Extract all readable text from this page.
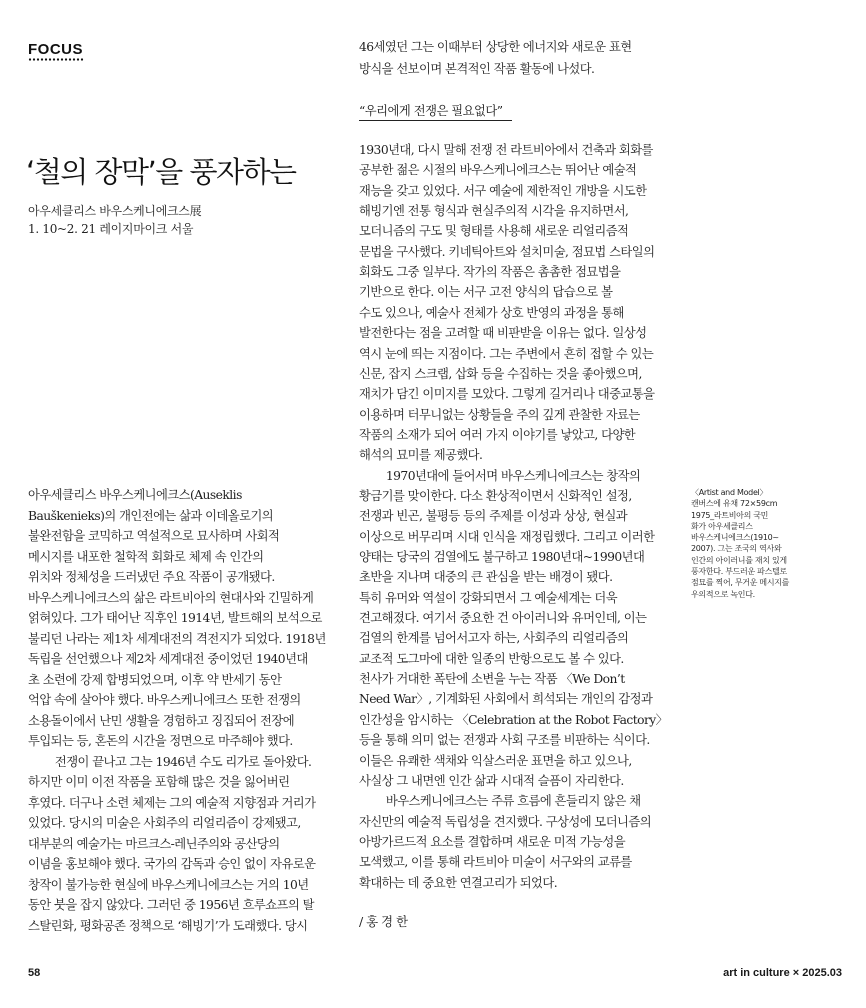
FOCUS
‘철의 장막’을 풍자하는
아우세클리스 바우스케니에크스展
1. 10~2. 21 레이지마이크 서울
아우세클리스 바우스케니에크스(Auseklis
Bauškenieks)의 개인전에는 삶과 이데올로기의
불완전함을 코믹하고 역설적으로 묘사하며 사회적
메시지를 내포한 철학적 회화로 체제 속 인간의
위치와 정체성을 드러냈던 주요 작품이 공개됐다.
바우스케니에크스의 삶은 라트비아의 현대사와 긴밀하게
얽혀있다. 그가 태어난 직후인 1914년, 발트해의 보석으로
불리던 나라는 제1차 세계대전의 격전지가 되었다. 1918년
독립을 선언했으나 제2차 세계대전 중이었던 1940년대
초 소련에 강제 합병되었으며, 이후 약 반세기 동안
억압 속에 살아야 했다. 바우스케니에크스 또한 전쟁의
소용돌이에서 난민 생활을 경험하고 징집되어 전장에
투입되는 등, 혼돈의 시간을 정면으로 마주해야 했다.
전쟁이 끝나고 그는 1946년 수도 리가로 돌아왔다.
하지만 이미 이전 작품을 포함해 많은 것을 잃어버린
후였다. 더구나 소련 체제는 그의 예술적 지향점과 거리가
있었다. 당시의 미술은 사회주의 리얼리즘이 강제됐고,
대부분의 예술가는 마르크스-레닌주의와 공산당의
이념을 홍보해야 했다. 국가의 감독과 승인 없이 자유로운
창작이 불가능한 현실에 바우스케니에크스는 거의 10년
동안 붓을 잡지 않았다. 그러던 중 1956년 흐루쇼프의 탈
스탈린화, 평화공존 정책으로 ‘해빙기’가 도래했다. 당시
46세였던 그는 이때부터 상당한 에너지와 새로운 표현
방식을 선보이며 본격적인 작품 활동에 나섰다.
1930년대, 다시 말해 전쟁 전 라트비아에서 건축과 회화를
공부한 젊은 시절의 바우스케니에크스는 뛰어난 예술적
재능을 갖고 있었다. 서구 예술에 제한적인 개방을 시도한
해빙기엔 전통 형식과 현실주의적 시각을 유지하면서,
모더니즘의 구도 및 형태를 사용해 새로운 리얼리즘적
문법을 구사했다. 키네틱아트와 설치미술, 점묘법 스타일의
회화도 그중 일부다. 작가의 작품은 촘촘한 점묘법을
기반으로 한다. 이는 서구 고전 양식의 답습으로 볼
수도 있으나, 예술사 전체가 상호 반영의 과정을 통해
발전한다는 점을 고려할 때 비판받을 이유는 없다. 일상성
역시 눈에 띄는 지점이다. 그는 주변에서 흔히 접할 수 있는
신문, 잡지 스크랩, 삽화 등을 수집하는 것을 좋아했으며,
재치가 담긴 이미지를 모았다. 그렇게 길거리나 대중교통을
이용하며 터무니없는 상황들을 주의 깊게 관찰한 자료는
작품의 소재가 되어 여러 가지 이야기를 낳았고, 다양한
해석의 묘미를 제공했다.
1970년대에 들어서며 바우스케니에크스는 창작의
황금기를 맞이한다. 다소 환상적이면서 신화적인 설정,
전쟁과 빈곤, 불평등 등의 주제를 이성과 상상, 현실과
이상으로 버무리며 시대 인식을 재정립했다. 그리고 이러한
양태는 당국의 검열에도 불구하고 1980년대~1990년대
초반을 지나며 대중의 큰 관심을 받는 배경이 됐다.
특히 유머와 역설이 강화되면서 그 예술세계는 더욱
견고해졌다. 여기서 중요한 건 아이러니와 유머인데, 이는
검열의 한계를 넘어서고자 하는, 사회주의 리얼리즘의
교조적 도그마에 대한 일종의 반항으로도 볼 수 있다.
천사가 거대한 폭탄에 소변을 누는 작품 〈We Don’t
Need War〉, 기계화된 사회에서 희석되는 개인의 감정과
인간성을 암시하는 〈Celebration at the Robot Factory〉
등을 통해 의미 없는 전쟁과 사회 구조를 비판하는 식이다.
이들은 유쾌한 색채와 익살스러운 표면을 하고 있으나,
사실상 그 내면엔 인간 삶과 시대적 슬픔이 자리한다.
바우스케니에크스는 주류 흐름에 흔들리지 않은 채
자신만의 예술적 독립성을 견지했다. 구상성에 모더니즘의
아방가르드적 요소를 결합하며 새로운 미적 가능성을
모색했고, 이를 통해 라트비아 미술이 서구와의 교류를
확대하는 데 중요한 연결고리가 되었다.
“우리에게 전쟁은 필요없다”
/ 홍 경 한
〈Artist and Model〉
캔버스에 유채 72×59cm
1975_라트비아의 국민
화가 아우세클리스
바우스케니에크스(1910~
2007). 그는 조국의 역사와
인간의 아이러니를 재치 있게
풍자한다. 부드러운 파스텔로
점묘를 찍어, 무거운 메시지를
우의적으로 녹인다.
58	art in culture × 2025.03
